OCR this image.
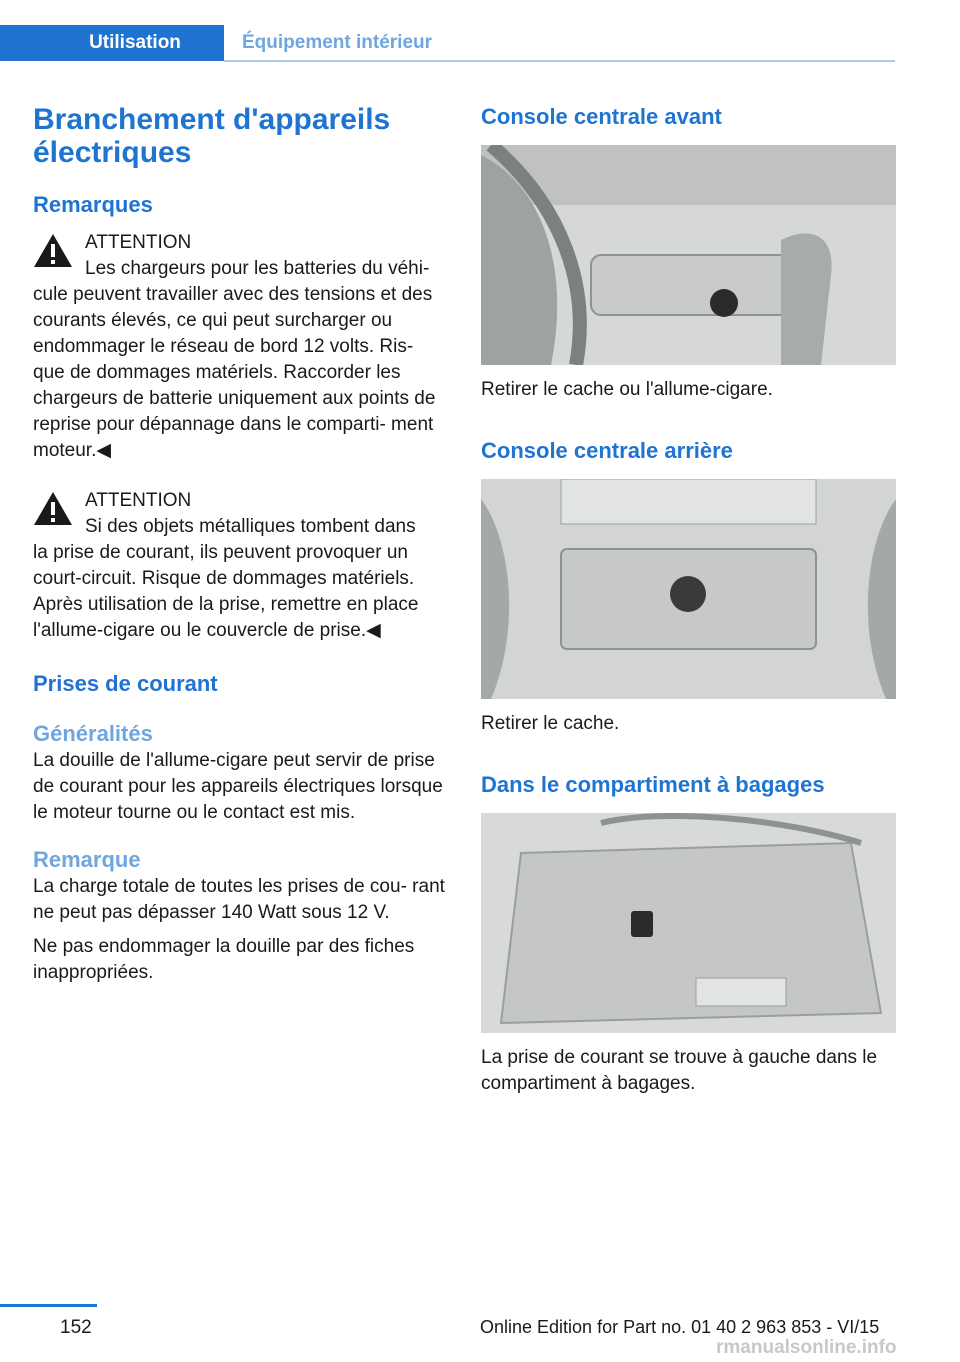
Utilisation	Équipement intérieur
Branchement d'appareils électriques
Remarques
ATTENTION

Les chargeurs pour les batteries du véhi‐

cule peuvent travailler avec des tensions et des courants élevés, ce qui peut surcharger ou endommager le réseau de bord 12 volts. Ris‐ que de dommages matériels. Raccorder les chargeurs de batterie uniquement aux points de reprise pour dépannage dans le comparti‐ ment moteur.◀

ATTENTION

Si des objets métalliques tombent dans

la prise de courant, ils peuvent provoquer un court-circuit. Risque de dommages matériels. Après utilisation de la prise, remettre en place l'allume-cigare ou le couvercle de prise.◀

Prises de courant
Généralités

La douille de l'allume-cigare peut servir de prise de courant pour les appareils électriques lorsque le moteur tourne ou le contact est mis.

Remarque

La charge totale de toutes les prises de cou‐ rant ne peut pas dépasser 140 Watt sous 12 V.

Ne pas endommager la douille par des fiches inappropriées.

Console centrale avant

Retirer le cache ou l'allume-cigare.

Console centrale arrière

Retirer le cache.

Dans le compartiment à bagages

La prise de courant se trouve à gauche dans le compartiment à bagages.

152	Online Edition for Part no. 01 40 2 963 853 - VI/15
rmanualsonline.info
